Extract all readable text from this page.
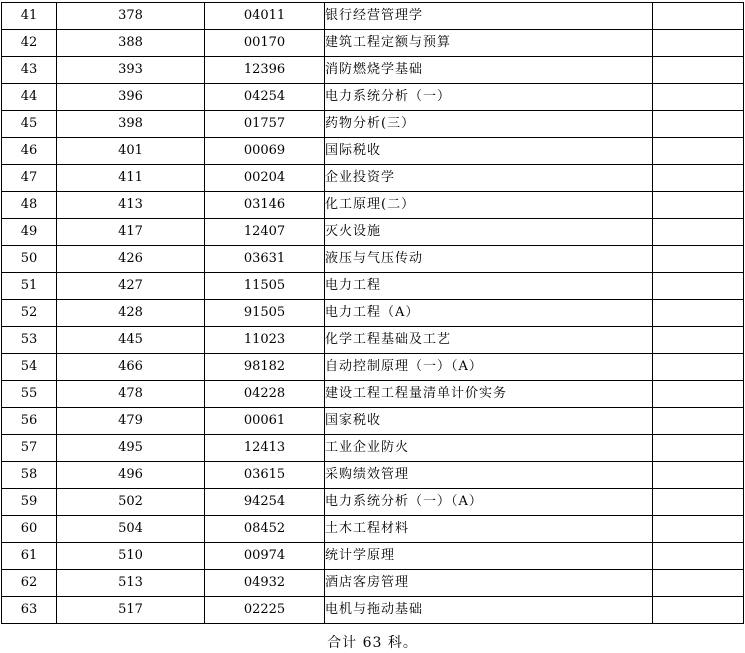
41	378	04011	银行经营管理学	
42	388	00170	建筑工程定额与预算	
43	393	12396	消防燃烧学基础	
44	396	04254	电力系统分析（一）	
45	398	01757	药物分析(三）	
46	401	00069	国际税收	
47	411	00204	企业投资学	
48	413	03146	化工原理(二）	
49	417	12407	灭火设施	
50	426	03631	液压与气压传动	
51	427	11505	电力工程	
52	428	91505	电力工程（A）	
53	445	11023	化学工程基础及工艺	
54	466	98182	自动控制原理（一）（A）	
55	478	04228	建设工程工程量清单计价实务	
56	479	00061	国家税收	
57	495	12413	工业企业防火	
58	496	03615	采购绩效管理	
59	502	94254	电力系统分析（一）（A）	
60	504	08452	土木工程材料	
61	510	00974	统计学原理	
62	513	04932	酒店客房管理	
63	517	02225	电机与拖动基础	
合计 63 科。
